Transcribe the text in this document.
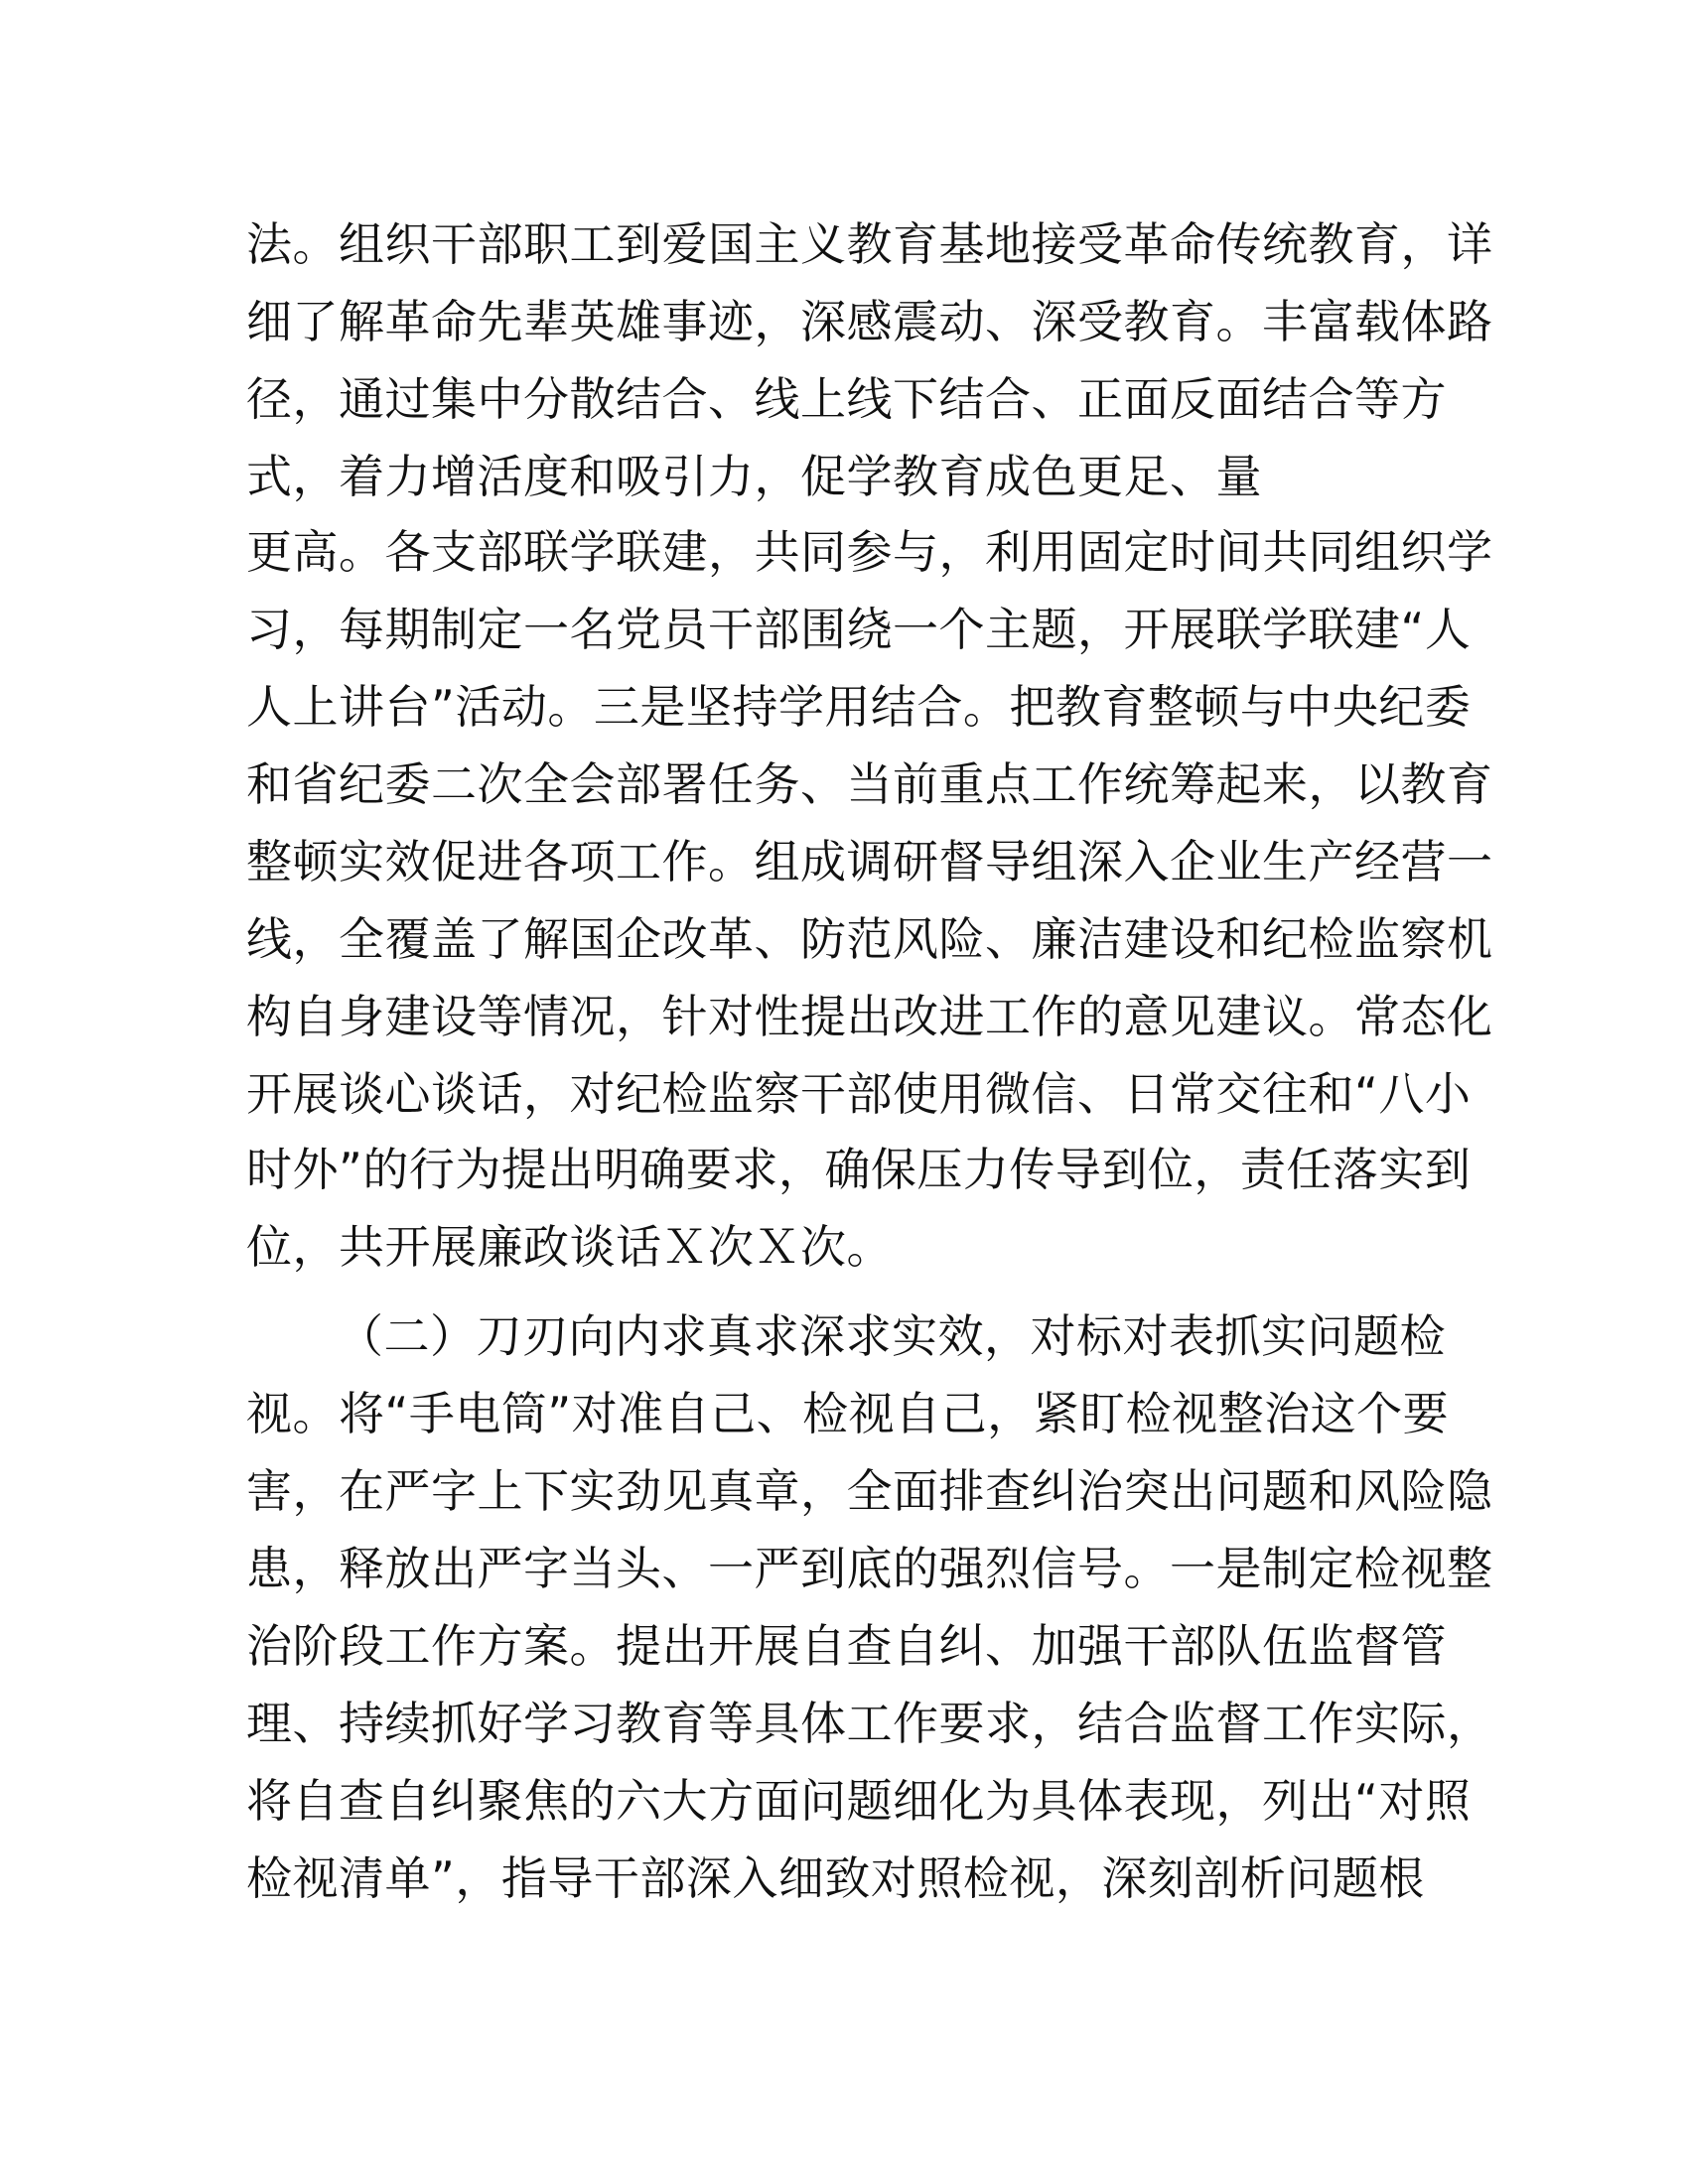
法。组织干部职工到爱国主义教育基地接受革命传统教育，详
细了解革命先辈英雄事迹，深感震动、深受教育。丰富载体路
径，通过集中分散结合、线上线下结合、正面反面结合等方
式，着力增活度和吸引力，促学教育成色更足、量
更高。各支部联学联建，共同参与，利用固定时间共同组织学
习，每期制定一名党员干部围绕一个主题，开展联学联建“人
人上讲台”活动。三是坚持学用结合。把教育整顿与中央纪委
和省纪委二次全会部署任务、当前重点工作统筹起来，以教育
整顿实效促进各项工作。组成调研督导组深入企业生产经营一
线，全覆盖了解国企改革、防范风险、廉洁建设和纪检监察机
构自身建设等情况，针对性提出改进工作的意见建议。常态化
开展谈心谈话，对纪检监察干部使用微信、日常交往和“八小
时外”的行为提出明确要求，确保压力传导到位，责任落实到
位，共开展廉政谈话Ｘ次Ｘ次。
（二）刀刃向内求真求深求实效，对标对表抓实问题检
视。将“手电筒”对准自己、检视自己，紧盯检视整治这个要
害，在严字上下实劲见真章，全面排查纠治突出问题和风险隐
患，释放出严字当头、一严到底的强烈信号。一是制定检视整
治阶段工作方案。提出开展自查自纠、加强干部队伍监督管
理、持续抓好学习教育等具体工作要求，结合监督工作实际，
将自查自纠聚焦的六大方面问题细化为具体表现，列出“对照
检视清单”，指导干部深入细致对照检视，深刻剖析问题根
